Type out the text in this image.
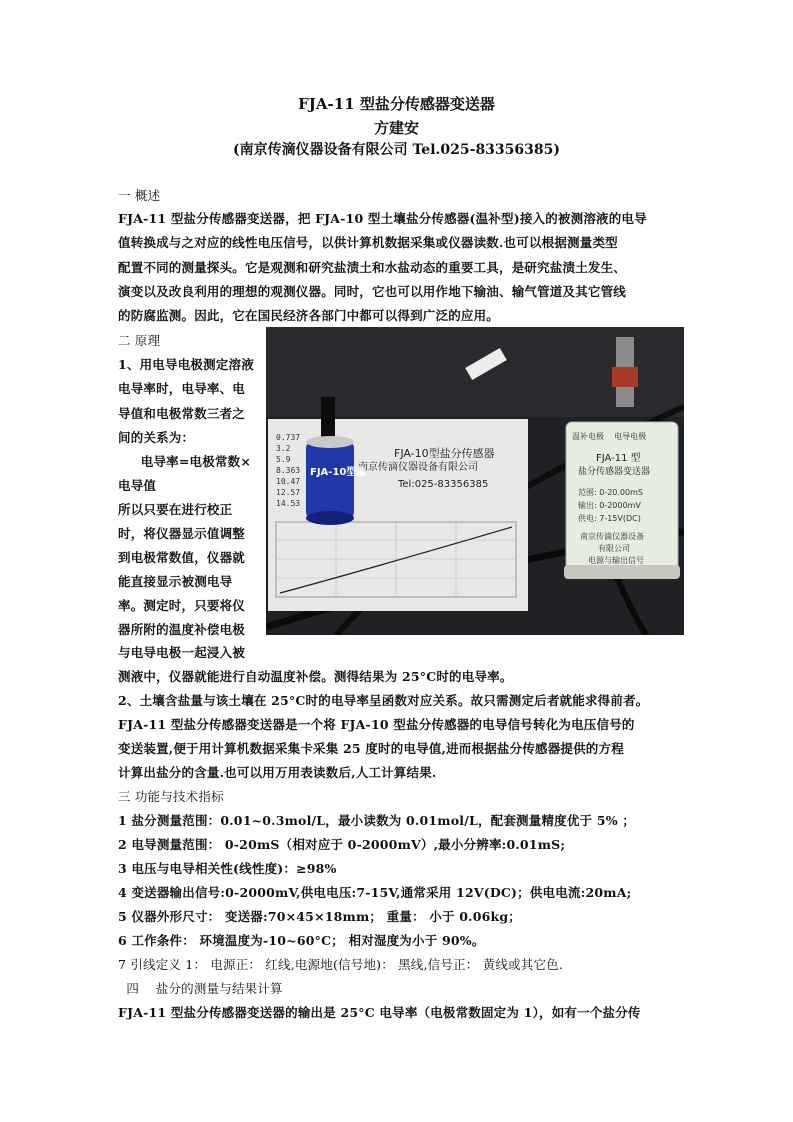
FJA-11 型盐分传感器变送器
方建安
(南京传滴仪器设备有限公司 Tel.025-83356385)
一 概述
FJA-11 型盐分传感器变送器，把 FJA-10 型土壤盐分传感器(温补型)接入的被测溶液的电导
值转换成与之对应的线性电压信号，以供计算机数据采集或仪器读数.也可以根据测量类型
配置不同的测量探头。它是观测和研究盐渍土和水盐动态的重要工具，是研究盐渍土发生、
演变以及改良利用的理想的观测仪器。同时，它也可以用作地下输油、输气管道及其它管线
的防腐监测。因此，它在国民经济各部门中都可以得到广泛的应用。
二 原理
1、用电导电极测定溶液
电导率时，电导率、电
导值和电极常数三者之
间的关系为：
电导率=电极常数×
电导值
所以只要在进行校正
时，将仪器显示值调整
到电极常数值，仪器就
能直接显示被测电导
率。测定时，只要将仪
器所附的温度补偿电极
与电导电极一起浸入被
测液中，仪器就能进行自动温度补偿。测得结果为 25°C时的电导率。
2、土壤含盐量与该土壤在 25°C时的电导率呈函数对应关系。故只需测定后者就能求得前者。
FJA-11 型盐分传感器变送器是一个将 FJA-10 型盐分传感器的电导信号转化为电压信号的
变送装置,便于用计算机数据采集卡采集 25 度时的电导值,进而根据盐分传感器提供的方程
计算出盐分的含量.也可以用万用表读数后,人工计算结果.
三 功能与技术指标
1 盐分测量范围：0.01~0.3mol/L，最小读数为 0.01mol/L，配套测量精度优于 5% ；
2 电导测量范围： 0-20mS（相对应于 0-2000mV）,最小分辨率:0.01mS;
3 电压与电导相关性(线性度)：≥98%
4 变送器输出信号:0-2000mV,供电电压:7-15V,通常采用 12V(DC)；供电电流:20mA;
5 仪器外形尺寸： 变送器:70×45×18mm； 重量： 小于 0.06kg；
6 工作条件： 环境温度为-10~60°C； 相对湿度为小于 90%。
7 引线定义 1： 电源正： 红线,电源地(信号地)： 黑线,信号正： 黄线或其它色.
四    盐分的测量与结果计算
FJA-11 型盐分传感器变送器的输出是 25°C 电导率（电极常数固定为 1），如有一个盐分传
FJA-10型盐分传感器
南京传滴仪器设备有限公司
Tel:025-83356385
0.737
3.2
5.9
8.363
10.47
12.57
14.53
FJA-10型盐
温补电极    电导电极
FJA-11 型
盐分传感器变送器
范围: 0-20.00mS
输出: 0-2000mV
供电: 7-15V(DC)
南京传滴仪器设备
有限公司
电源与输出信号
